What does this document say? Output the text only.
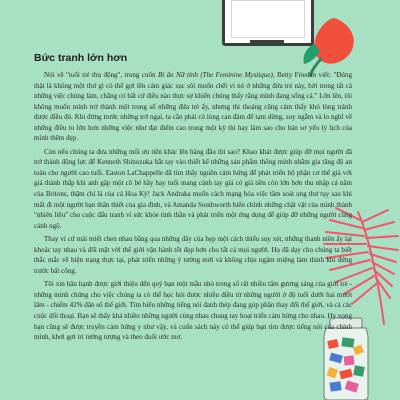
Bức tranh lớn hơn

Nói về "tuổi trẻ thụ động", trong cuốn Bí ẩn Nữ tính (The Feminine Mystique), Betty Friedan viết: "Đúng thật là không một thứ gì có thể gợi lên cảm giác sục sôi muốn chết vì nó ở những đứa trẻ này, bởi trong tất cả những việc chúng làm, chẳng có bất cứ điều nào thực sự khiến chúng thấy rằng mình đang sống cả." Lớn lên, tôi không muốn mình trở thành một trong số những đứa trẻ ấy, nhưng thi thoảng cũng cảm thấy khó lòng tránh được điều đó. Khi đứng trước những trở ngại, ta cần phải có lòng can đảm để tạm dừng, suy ngẫm và lo nghĩ về những điều to lớn hơn những việc như đạt điểm cao trong một kỳ thi hay làm sao cho bản sơ yếu lý lịch của mình thêm đẹp.

Còn nếu chúng ta đưa những mối ưu tiên khác lên hàng đầu thì sao? Khao khát được giúp đỡ mọi người đã trở thành động lực để Kenneth Shinozuka bắt tay vào thiết kế những sản phẩm thông minh nhằm gia tăng độ an toàn cho người cao tuổi. Easton LaChappelle đã tìm thấy nguồn cảm hứng để phát triển bộ phận cơ thể giả với giá thành thấp khi anh gặp một cô bé hầy hay tuổi mang cánh tay giả có giá tiền còn lớn hơn thu nhập cả năm của Britons, thậm chí là của cả Hoa Kỳ! Jack Andraka muốn cách mạng hóa việc tầm soát ung thư tụy sau khi mất đi một người bạn thân thiết của gia đình, và Amanda Southworth biến chính những chật vật của mình thành "nhiên liệu" cho cuộc đấu tranh vì sức khỏe tinh thần và phát triển một ứng dụng để giúp đỡ những người cùng cảnh ngộ.

Thay vì cứ mải miết chen nhau băng qua những dây của hẹp một cách thiếu suy xét, những thanh niên ấy lại khoác tay nhau và đối mặt với thế giới vận hành tốt đẹp hơn cho tất cả mọi người. Họ đã dạy cho chúng ta biết thắc mắc về hiện trạng thực tại, phát triển những ý tưởng mới và không chịu ngậm miệng làm thinh khi đứng trước bất công.

Tôi xin hân hạnh được giới thiệu đến quý bạn một mẫu nhỏ trong số rất nhiều tấm gương sáng của giới trẻ - những minh chứng cho việc chúng ta có thể học hỏi được nhiều điều từ những người ở độ tuổi dưới hai mươi lăm - chiếm 42% dân số thế giới. Tìm hiểu những tiếng nói đanh thép đang góp phần thay đổi thế giới, và cả các cuộc đối thoại. Bạn sẽ thấy khá nhiều những người cùng nhau chung tay hoạt triển cảm hứng cho nhau. Hy vọng bạn cũng sẽ được truyền cảm hứng y như vậy, và cuốn sách này có thể giúp bạn tìm được tiếng nói của chính mình, khơi gợi trí tưởng tượng và theo đuổi ước mơ.
